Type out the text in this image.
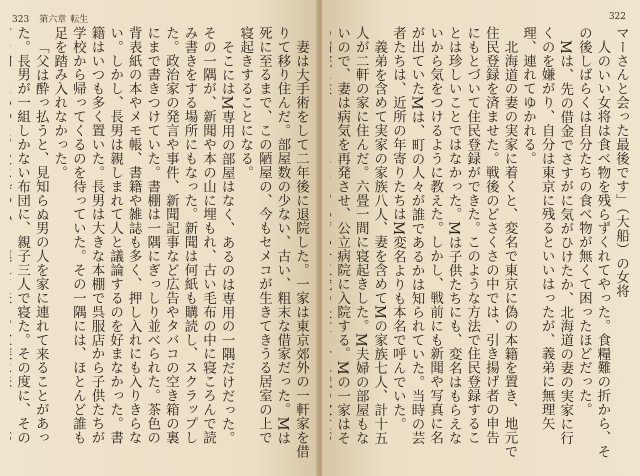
323 第六章 転生

妻は大手術をして二年後に退院した。一家は東京郊外の一軒家を借りて移り住んだ。部屋数の少ない、古い、粗末な借家だった。Mは死に至るまで、この陋屋の、今もセメコが生きてきうる居室の上で寝起きすることになる。

そこにはM専用の部屋はなく、あるのは専用の一隅だけだった。その一隅が、新聞や本の山に埋もれ、古い毛布の中に寝ころんで読み書きをする場所にもなった。新聞は何紙も購読し、スクラップした。政治家の発言や事件、新聞記事など広告やタバコの空き箱の裏にまで書きつけていた。書棚は一隅にぎっしり並べられた。茶色の背表紙の本やメモ帳、書籍や雑誌も多く、押し入れにも入りきらない。しかし、長男は親しまれて人と議論するのを好まなかった。書籍はいつも多く置いた。長男は大きな本棚で呉服店から子供たちが学校から帰ってくるのを待っていた。その一隅には、ほとんど誰も足を踏み入れなかった。

「父は酔っ払うと、見知らぬ男の人を家に連れて来ることがあった。長男が一組しかない布団に、親子三人で寝た。その度に、その

322

マーさんと会った最後です」（大船）の女将

人のいい女将は食べ物を残らずくれてやった。食糧難の折から、その後しばらくは自分たちの食べ物が無くて困ったほどだった。

Mは、先の借金でさすがに気がひけたか、北海道の妻の実家に行くのを嫌がり、自分は東京に残るといいはったが、義弟に無理矢理、連れてゆかれる。

北海道の妻の実家に着くと、変名で東京に偽の本籍を置き、地元で住民登録を済ませた。戦後のどさくさの中では、引き揚げ者の申告にもとづいて住民登録ができた。このような方法で住民登録することは珍しいことではなかった。Mは子供たちにも、変名はもらえないから気をつけるように教えた。しかし、戦前にも新聞や写真に名が出ていたMは、町の人々が誰であるかは知られていた。当時の芸者たちは、近所の年寄りたちはM変名よりも本名で呼んでいた。

義弟を含めて実家の家族八人、妻を含めてMの家族七人、計十五人が二軒の家に住んだ。六畳一間に寝起きした。M夫婦の部屋もないので、妻は病気を再発させ、公立病院に入院する。Mの一家はそ
